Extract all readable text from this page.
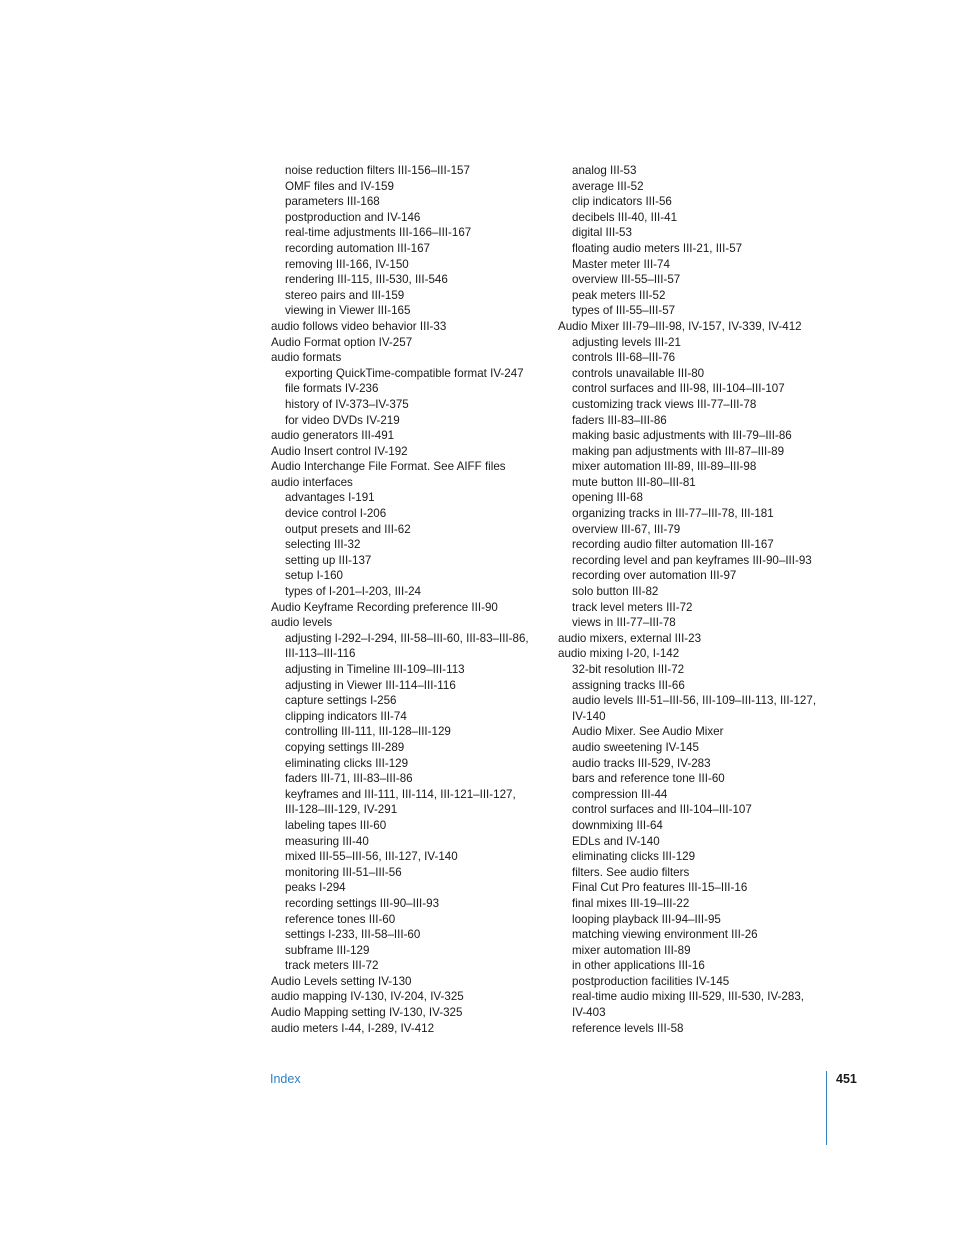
noise reduction filters III-156–III-157
OMF files and IV-159
parameters III-168
postproduction and IV-146
real-time adjustments III-166–III-167
recording automation III-167
removing III-166, IV-150
rendering III-115, III-530, III-546
stereo pairs and III-159
viewing in Viewer III-165
audio follows video behavior III-33
Audio Format option IV-257
audio formats
exporting QuickTime-compatible format IV-247
file formats IV-236
history of IV-373–IV-375
for video DVDs IV-219
audio generators III-491
Audio Insert control IV-192
Audio Interchange File Format. See AIFF files
audio interfaces
advantages I-191
device control I-206
output presets and III-62
selecting III-32
setting up III-137
setup I-160
types of I-201–I-203, III-24
Audio Keyframe Recording preference III-90
audio levels
adjusting I-292–I-294, III-58–III-60, III-83–III-86,
III-113–III-116
adjusting in Timeline III-109–III-113
adjusting in Viewer III-114–III-116
capture settings I-256
clipping indicators III-74
controlling III-111, III-128–III-129
copying settings III-289
eliminating clicks III-129
faders III-71, III-83–III-86
keyframes and III-111, III-114, III-121–III-127,
III-128–III-129, IV-291
labeling tapes III-60
measuring III-40
mixed III-55–III-56, III-127, IV-140
monitoring III-51–III-56
peaks I-294
recording settings III-90–III-93
reference tones III-60
settings I-233, III-58–III-60
subframe III-129
track meters III-72
Audio Levels setting IV-130
audio mapping IV-130, IV-204, IV-325
Audio Mapping setting IV-130, IV-325
audio meters I-44, I-289, IV-412
analog III-53
average III-52
clip indicators III-56
decibels III-40, III-41
digital III-53
floating audio meters III-21, III-57
Master meter III-74
overview III-55–III-57
peak meters III-52
types of III-55–III-57
Audio Mixer III-79–III-98, IV-157, IV-339, IV-412
adjusting levels III-21
controls III-68–III-76
controls unavailable III-80
control surfaces and III-98, III-104–III-107
customizing track views III-77–III-78
faders III-83–III-86
making basic adjustments with III-79–III-86
making pan adjustments with III-87–III-89
mixer automation III-89, III-89–III-98
mute button III-80–III-81
opening III-68
organizing tracks in III-77–III-78, III-181
overview III-67, III-79
recording audio filter automation III-167
recording level and pan keyframes III-90–III-93
recording over automation III-97
solo button III-82
track level meters III-72
views in III-77–III-78
audio mixers, external III-23
audio mixing I-20, I-142
32-bit resolution III-72
assigning tracks III-66
audio levels III-51–III-56, III-109–III-113, III-127,
IV-140
Audio Mixer. See Audio Mixer
audio sweetening IV-145
audio tracks III-529, IV-283
bars and reference tone III-60
compression III-44
control surfaces and III-104–III-107
downmixing III-64
EDLs and IV-140
eliminating clicks III-129
filters. See audio filters
Final Cut Pro features III-15–III-16
final mixes III-19–III-22
looping playback III-94–III-95
matching viewing environment III-26
mixer automation III-89
in other applications III-16
postproduction facilities IV-145
real-time audio mixing III-529, III-530, IV-283,
IV-403
reference levels III-58
Index	451
